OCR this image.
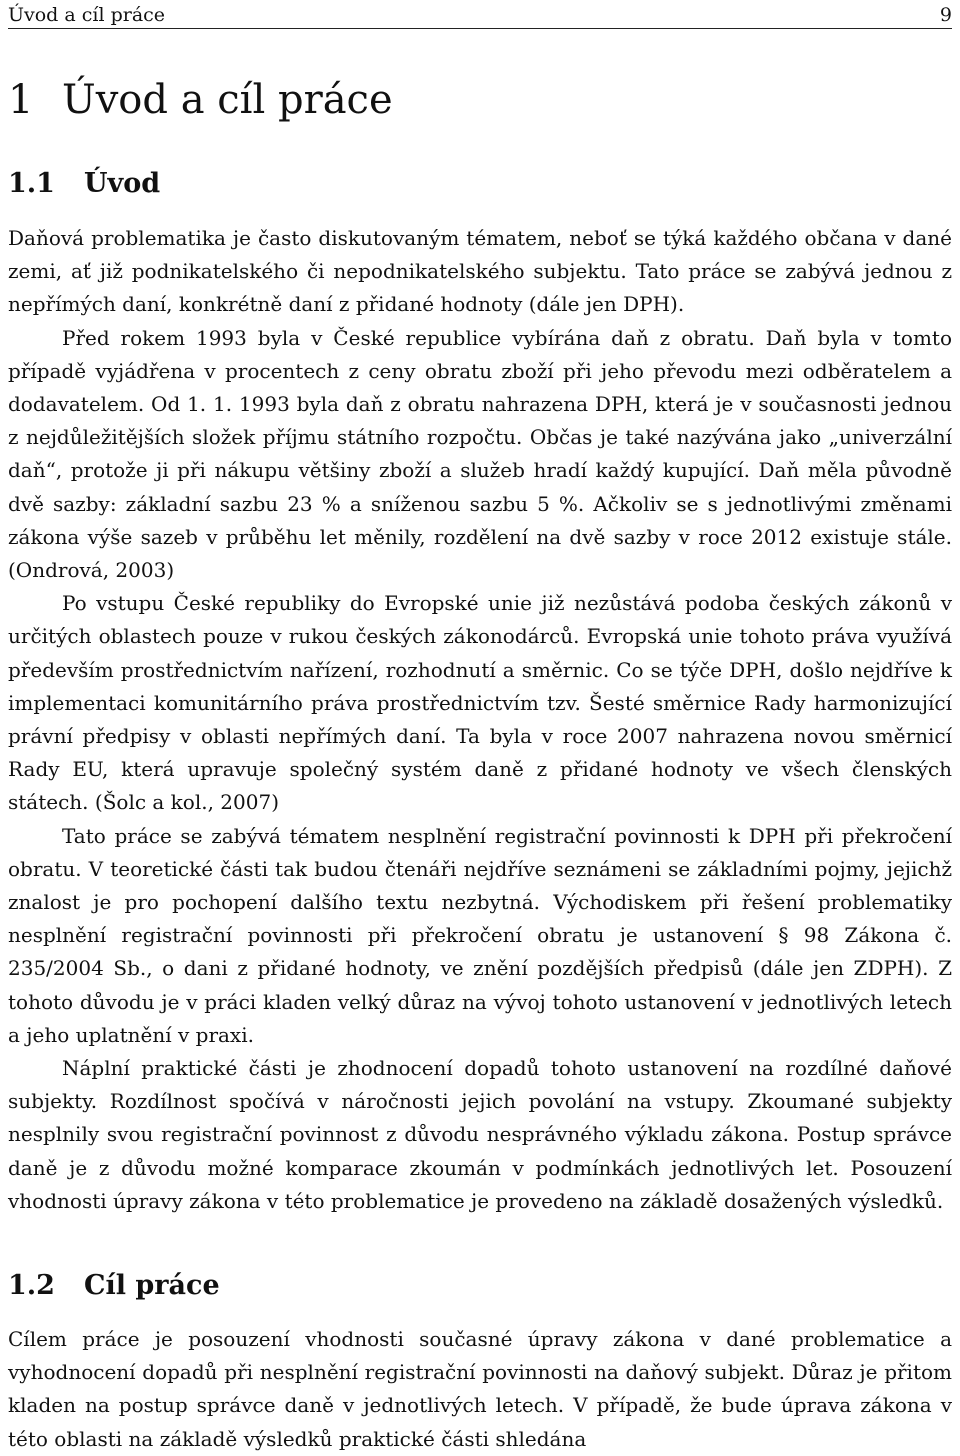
Úvod a cíl práce	9
1 Úvod a cíl práce
1.1 Úvod

Daňová problematika je často diskutovaným tématem, neboť se týká každého občana v dané zemi, ať již podnikatelského či nepodnikatelského subjektu. Tato práce se zabývá jednou z nepřímých daní, konkrétně daní z přidané hodnoty (dále jen DPH).

Před rokem 1993 byla v České republice vybírána daň z obratu. Daň byla v tomto případě vyjádřena v procentech z ceny obratu zboží při jeho převodu mezi odběratelem a dodavatelem. Od 1. 1. 1993 byla daň z obratu nahrazena DPH, která je v současnosti jednou z nejdůležitějších složek příjmu státního rozpočtu. Občas je také nazývána jako „univerzální daň“, protože ji při nákupu většiny zboží a služeb hradí každý kupující. Daň měla původně dvě sazby: základní sazbu 23 % a sníženou sazbu 5 %. Ačkoliv se s jednotlivými změnami zákona výše sazeb v průběhu let měnily, rozdělení na dvě sazby v roce 2012 existuje stále. (Ondrová, 2003)

Po vstupu České republiky do Evropské unie již nezůstává podoba českých zákonů v určitých oblastech pouze v rukou českých zákonodárců. Evropská unie tohoto práva využívá především prostřednictvím nařízení, rozhodnutí a směrnic. Co se týče DPH, došlo nejdříve k implementaci komunitárního práva prostřednictvím tzv. Šesté směrnice Rady harmonizující právní předpisy v oblasti nepřímých daní. Ta byla v roce 2007 nahrazena novou směrnicí Rady EU, která upravuje společný systém daně z přidané hodnoty ve všech členských státech. (Šolc a kol., 2007)

Tato práce se zabývá tématem nesplnění registrační povinnosti k DPH při překročení obratu. V teoretické části tak budou čtenáři nejdříve seznámeni se základními pojmy, jejichž znalost je pro pochopení dalšího textu nezbytná. Východiskem při řešení problematiky nesplnění registrační povinnosti při překročení obratu je ustanovení § 98 Zákona č. 235/2004 Sb., o dani z přidané hodnoty, ve znění pozdějších předpisů (dále jen ZDPH). Z tohoto důvodu je v práci kladen velký důraz na vývoj tohoto ustanovení v jednotlivých letech a jeho uplatnění v praxi.

Náplní praktické části je zhodnocení dopadů tohoto ustanovení na rozdílné daňové subjekty. Rozdílnost spočívá v náročnosti jejich povolání na vstupy. Zkoumané subjekty nesplnily svou registrační povinnost z důvodu nesprávného výkladu zákona. Postup správce daně je z důvodu možné komparace zkoumán v podmínkách jednotlivých let. Posouzení vhodnosti úpravy zákona v této problematice je provedeno na základě dosažených výsledků.

1.2 Cíl práce

Cílem práce je posouzení vhodnosti současné úpravy zákona v dané problematice a vyhodnocení dopadů při nesplnění registrační povinnosti na daňový subjekt. Důraz je přitom kladen na postup správce daně v jednotlivých letech. V případě, že bude úprava zákona v této oblasti na základě výsledků praktické části shledána
